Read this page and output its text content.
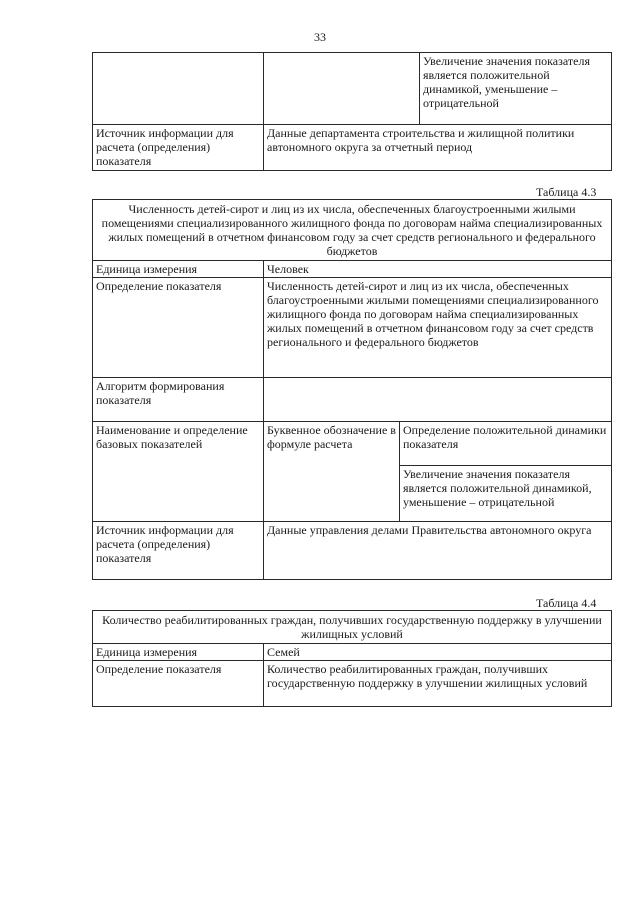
33
		Увеличение значения показателя является положительной динамикой, уменьшение – отрицательной
Источник информации для расчета (определения) показателя	Данные департамента строительства и жилищной политики автономного округа за отчетный период	
Таблица 4.3
Численность детей-сирот и лиц из их числа, обеспеченных благоустроенными жилыми помещениями специализированного жилищного фонда по договорам найма специализированных жилых помещений в отчетном финансовом году за счет средств регионального и федерального бюджетов		
Единица измерения	Человек	
Определение показателя	Численность детей-сирот и лиц из их числа, обеспеченных благоустроенными жилыми помещениями специализированного жилищного фонда по договорам найма специализированных жилых помещений в отчетном финансовом году за счет средств регионального и федерального бюджетов	
Алгоритм формирования показателя		
Наименование и определение базовых показателей	Буквенное обозначение в формуле расчета	Определение положительной динамики показателя
		Увеличение значения показателя является положительной динамикой, уменьшение – отрицательной
Источник информации для расчета (определения) показателя	Данные управления делами Правительства автономного округа	
Таблица 4.4
Количество реабилитированных граждан, получивших государственную поддержку в улучшении жилищных условий	
Единица измерения	Семей
Определение показателя	Количество реабилитированных граждан, получивших государственную поддержку в улучшении жилищных условий
